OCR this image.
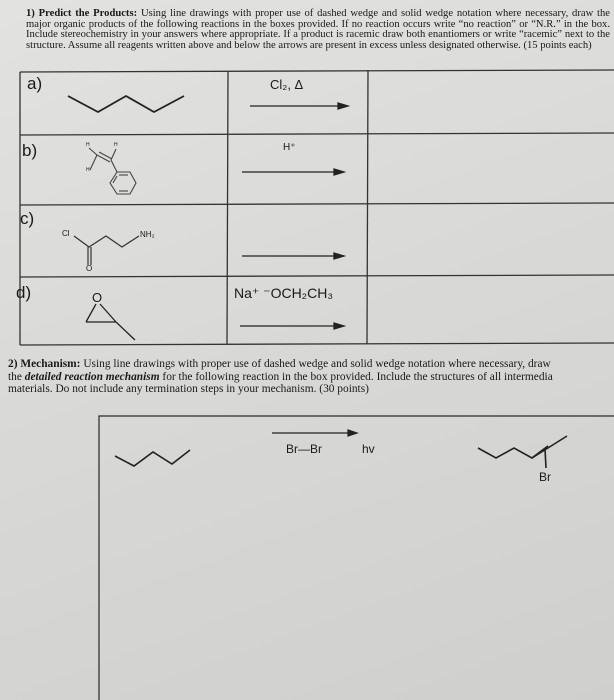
1) Predict the Products: Using line drawings with proper use of dashed wedge and solid wedge notation where necessary, draw the major organic products of the following reactions in the boxes provided. If no reaction occurs write “no reaction” or “N.R.” in the box. Include stereochemistry in your answers where appropriate. If a product is racemic draw both enantiomers or write “racemic” next to the structure. Assume all reagents written above and below the arrows are present in excess unless designated otherwise. (15 points each)
a)	Cl₂, Δ
b)	H⁺
H	H
H
c)
Cl	NH₂
O
d)	O	Na⁺ ⁻OCH₂CH₃
2) Mechanism: Using line drawings with proper use of dashed wedge and solid wedge notation where necessary, draw
the detailed reaction mechanism for the following reaction in the box provided. Include the structures of all intermedia
materials. Do not include any termination steps in your mechanism. (30 points)
Br—Br	hv
Br
